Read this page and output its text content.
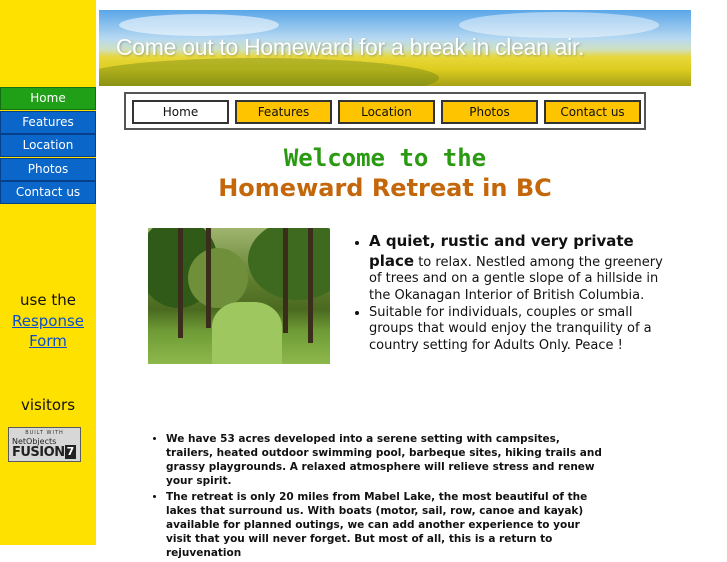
Home
Features
Location
Photos
Contact us
use the
Response
Form
visitors
BUILT WITH
NetObjects
FUSION 7
Come out to Homeward for a break in clean air.
Home	Features	Location	Photos	Contact us
Welcome to the
Homeward Retreat in BC
• A quiet, rustic and very private place to relax. Nestled among the greenery of trees and on a gentle slope of a hillside in the Okanagan Interior of British Columbia.
• Suitable for individuals, couples or small groups that would enjoy the tranquility of a country setting for Adults Only. Peace !
• We have 53 acres developed into a serene setting with campsites, trailers, heated outdoor swimming pool, barbeque sites, hiking trails and grassy playgrounds. A relaxed atmosphere will relieve stress and renew your spirit.
• The retreat is only 20 miles from Mabel Lake, the most beautiful of the lakes that surround us. With boats (motor, sail, row, canoe and kayak) available for planned outings, we can add another experience to your visit that you will never forget. But most of all, this is a return to rejuvenation
